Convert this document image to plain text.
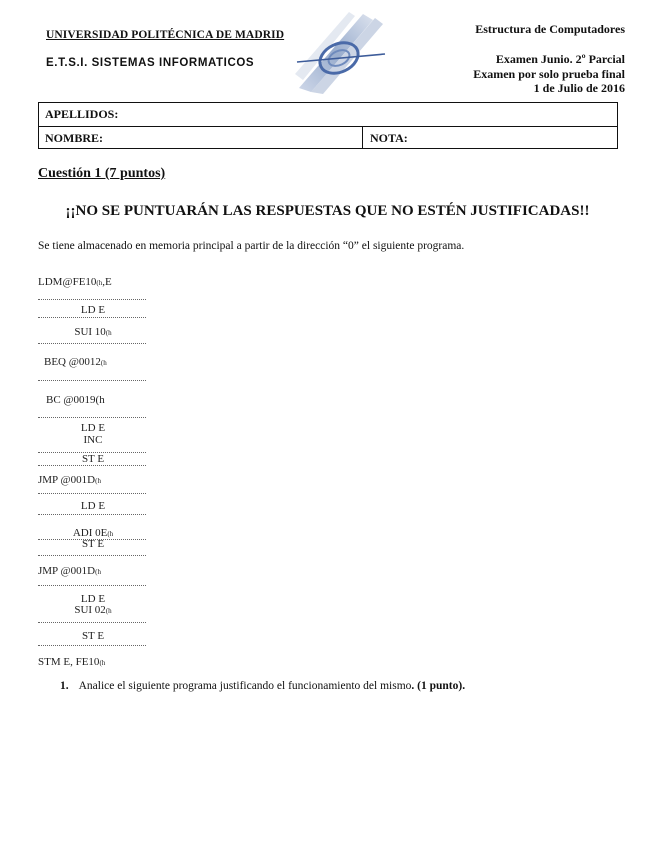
UNIVERSIDAD POLITÉCNICA DE MADRID
E.T.S.I. SISTEMAS INFORMATICOS
Estructura de Computadores
Examen Junio. 2º Parcial
Examen por solo prueba final
1 de Julio de 2016
APELLIDOS:
NOMBRE:	NOTA:
Cuestión 1 (7 puntos)
¡¡NO SE PUNTUARÁN LAS RESPUESTAS QUE NO ESTÉN JUSTIFICADAS!!
Se tiene almacenado en memoria principal a partir de la dirección “0” el siguiente programa.
LDM@FE10(h,E
LD E
SUI 10(h
BEQ @0012(h
BC @0019(h
LD E
INC
ST E
JMP @001D(h
LD E
ADI 0E(h
ST E
JMP @001D(h
LD E
SUI 02(h
ST E
STM E, FE10(h
1. Analice el siguiente programa justificando el funcionamiento del mismo. (1 punto).
